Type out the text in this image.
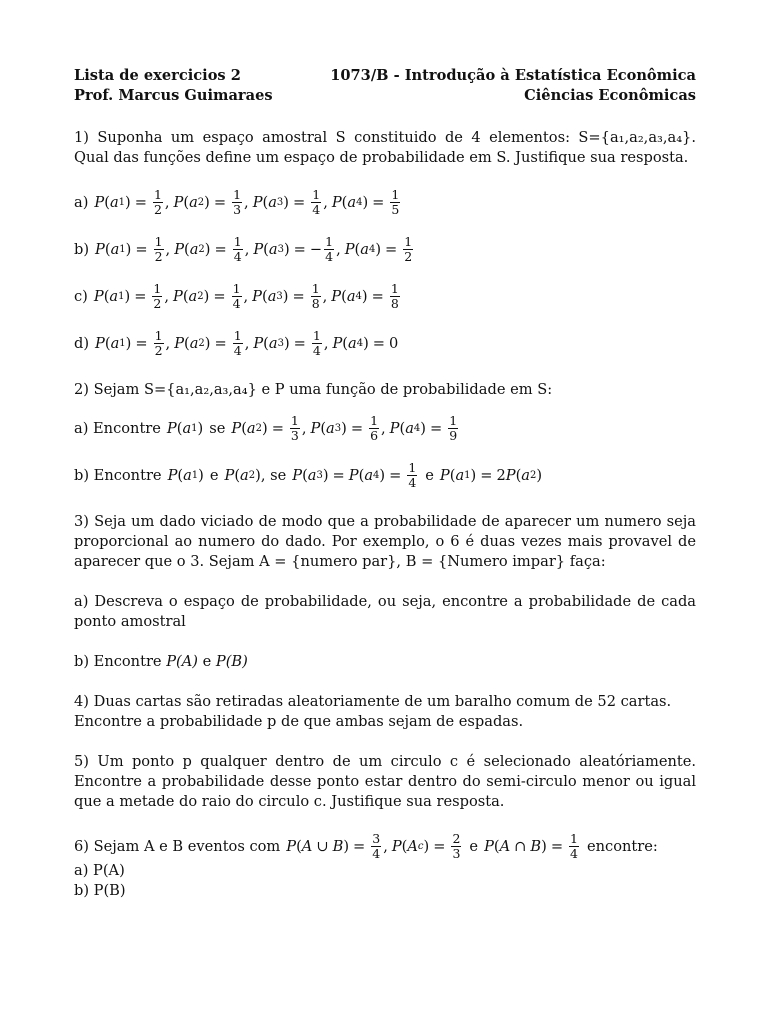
Lista de exercicios 2	1073/B - Introdução à Estatística Econômica
Prof. Marcus Guimaraes	Ciências Econômicas
1) Suponha um espaço amostral S constituido de 4 elementos: S={a₁,a₂,a₃,a₄}. Qual das funções define um espaço de probabilidade em S. Justifique sua resposta.
a) P ( a 1 ) = $\frac{1}{2}$ , P ( a 2 ) = $\frac{1}{3}$ , P ( a 3 ) = $\frac{1}{4}$ , P ( a 4 ) = $\frac{1}{5}$
b) P ( a 1 ) = $\frac{1}{2}$ , P ( a 2 ) = $\frac{1}{4}$ , P ( a 3 ) = − $\frac{1}{4}$ , P ( a 4 ) = $\frac{1}{2}$
c) P ( a 1 ) = $\frac{1}{2}$ , P ( a 2 ) = $\frac{1}{4}$ , P ( a 3 ) = $\frac{1}{8}$ , P ( a 4 ) = $\frac{1}{8}$
d) P ( a 1 ) = $\frac{1}{2}$ , P ( a 2 ) = $\frac{1}{4}$ , P ( a 3 ) = $\frac{1}{4}$ , P ( a 4 ) = 0
2) Sejam S={a₁,a₂,a₃,a₄} e P uma função de probabilidade em S:
a) Encontre P ( a 1 ) se P ( a 2 ) = $\frac{1}{3}$ , P ( a 3 ) = $\frac{1}{6}$ , P ( a 4 ) = $\frac{1}{9}$
b) Encontre P ( a 1 ) e P ( a 2 ) , se P ( a 3 ) = P ( a 4 ) = $\frac{1}{4}$ e P ( a 1 ) = 2 P ( a 2 )
3) Seja um dado viciado de modo que a probabilidade de aparecer um numero seja proporcional ao numero do dado. Por exemplo, o 6 é duas vezes mais provavel de aparecer que o 3. Sejam A = {numero par}, B = {Numero impar} faça:
a) Descreva o espaço de probabilidade, ou seja, encontre a probabilidade de cada ponto amostral
b) Encontre P(A) e P(B)
4) Duas cartas são retiradas aleatoriamente de um baralho comum de 52 cartas.
Encontre a probabilidade p de que ambas sejam de espadas.
5) Um ponto p qualquer dentro de um circulo c é selecionado aleatóriamente. Encontre a probabilidade desse ponto estar dentro do semi-circulo menor ou igual que a metade do raio do circulo c. Justifique sua resposta.
6) Sejam A e B eventos com P ( A ∪ B ) = $\frac{3}{4}$ , P ( A c ) = $\frac{2}{3}$ e P ( A ∩ B ) = $\frac{1}{4}$ encontre:
a) P(A)
b) P(B)
